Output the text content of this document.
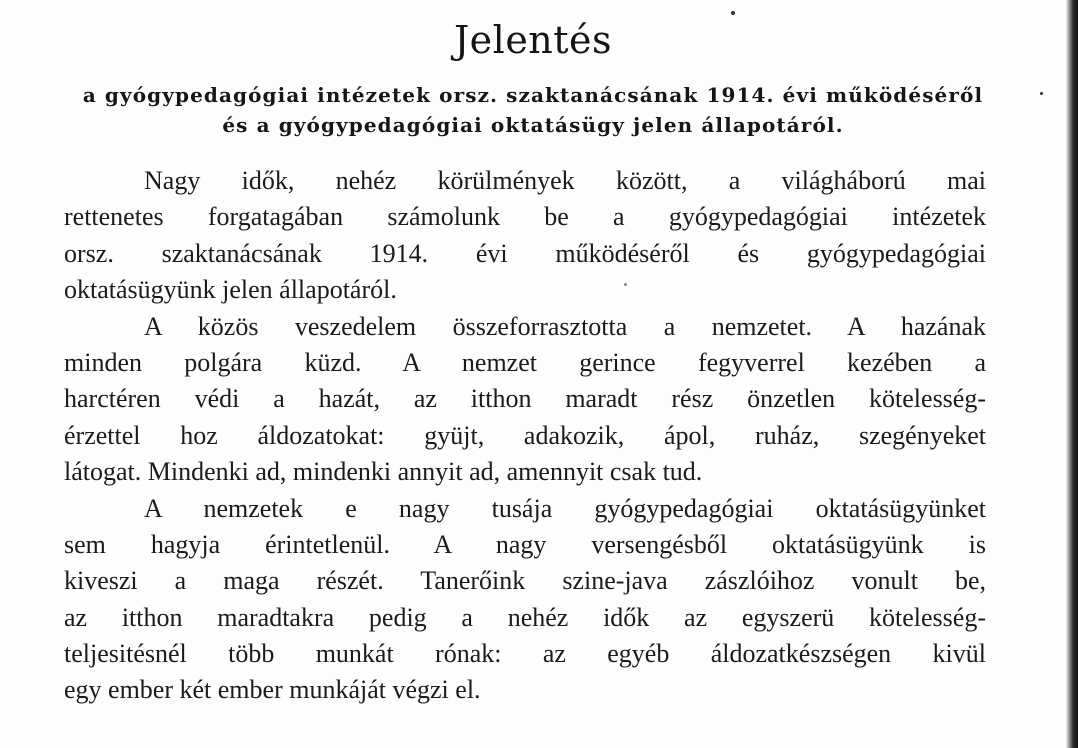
Jelentés
a gyógypedagógiai intézetek orsz. szaktanácsának 1914. évi működéséről
és a gyógypedagógiai oktatásügy jelen állapotáról.
Nagy idők, nehéz körülmények között, a világháború mai
rettenetes forgatagában számolunk be a gyógypedagógiai intézetek
orsz. szaktanácsának 1914. évi működéséről és gyógypedagógiai
oktatásügyünk jelen állapotáról.
A közös veszedelem összeforrasztotta a nemzetet. A hazának
minden polgára küzd. A nemzet gerince fegyverrel kezében a
harctéren védi a hazát, az itthon maradt rész önzetlen kötelesség-
érzettel hoz áldozatokat: gyüjt, adakozik, ápol, ruház, szegényeket
látogat. Mindenki ad, mindenki annyit ad, amennyit csak tud.
A nemzetek e nagy tusája gyógypedagógiai oktatásügyünket
sem hagyja érintetlenül. A nagy versengésből oktatásügyünk is
kiveszi a maga részét. Tanerőink szine-java zászlóihoz vonult be,
az itthon maradtakra pedig a nehéz idők az egyszerü kötelesség-
teljesitésnél több munkát rónak: az egyéb áldozatkészségen kivül
egy ember két ember munkáját végzi el.
